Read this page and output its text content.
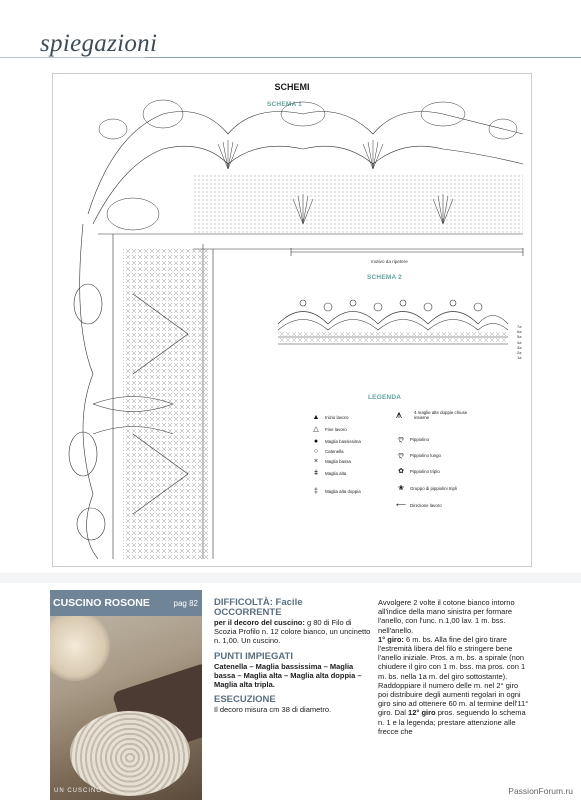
spiegazioni
SCHEMI
SCHEMA 1
motivo da ripetere
SCHEMA 2
7a
6a
5a
4a
3a
2a
1a
LEGENDA
▲	Inizio lavoro
△	Fine lavoro
●	Maglia bassissima
○	Catenella
×	Maglia bassa
ǂ	Maglia alta
‡	Maglia alta doppia
⩚	4 maglie alte doppie chiuse insieme
ღ	Pippiolino
ღ	Pippiolino lungo
✿	Pippiolino triplo
❀	Gruppo di pippiolini tripli
⟵ Direzione lavoro
CUSCINO ROSONE	pag 82
UN CUSCINO
DIFFICOLTÀ: Facile
OCCORRENTE
per il decoro del cuscino: g 80 di Filo di Scozia Profilo n. 12 colore bianco, un uncinetto n. 1,00. Un cuscino.
PUNTI IMPIEGATI
Catenella – Maglia bassissima – Maglia bassa – Maglia alta – Maglia alta doppia – Maglia alta tripla.
ESECUZIONE
Il decoro misura cm 38 di diametro.
Avvolgere 2 volte il cotone bianco intorno all'indice della mano sinistra per formare l'anello, con l'unc. n.1,00 lav. 1 m. bss. nell'anello.
1° giro: 6 m. bs. Alla fine del giro tirare l'estremità libera del filo e stringere bene l'anello iniziale. Pros. a m. bs. a spirale (non chiudere il giro con 1 m. bss. ma pros. con 1 m. bs. nella 1a m. del giro sottostante). Raddoppiare il numero delle m. nel 2° giro poi distribuire degli aumenti regolari in ogni giro sino ad ottenere 60 m. al termine dell'11° giro. Dal 12° giro pros. seguendo lo schema n. 1 e la legenda; prestare attenzione alle frecce che
PassionForum.ru
